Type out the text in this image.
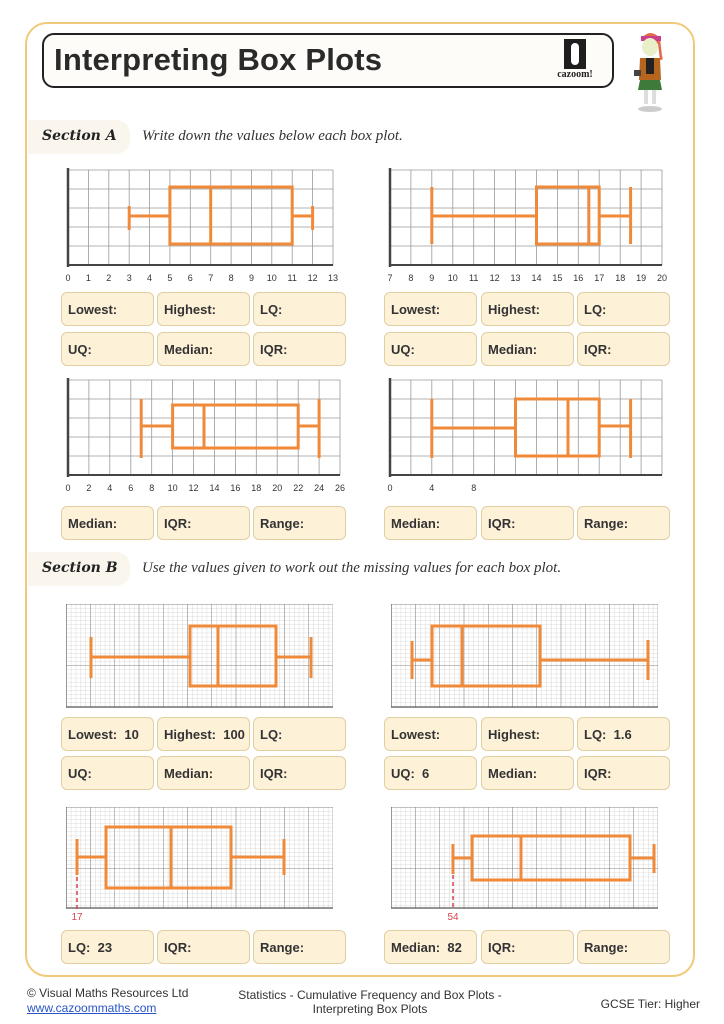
Interpreting Box Plots	cazoom!
Section A Write down the values below each box plot.
0 1 2 3 4 5 6 7 8 9 10 11 12 13	7 8 9 10 11 12 13 14 15 16 17 18 19 20
Lowest:	Highest:	LQ:
UQ:	Median:	IQR:
Lowest:	Highest:	LQ:
UQ:	Median:	IQR:
0 2 4 6 8 10 12 14 16 18 20 22 24 26	0	4	8
Median:	IQR:	Range:	Median:	IQR:	Range:
Section B Use the values given to work out the missing values for each box plot.
Lowest:  10	Highest:  100	LQ:
UQ:	Median:	IQR:
Lowest:	Highest:	LQ:  1.6
UQ:  6	Median:	IQR:
17	54
LQ:  23	IQR:	Range:	Median:  82	IQR:	Range:
© Visual Maths Resources Ltd
www.cazoommaths.com
Statistics - Cumulative Frequency and Box Plots -
Interpreting Box Plots	GCSE Tier: Higher
